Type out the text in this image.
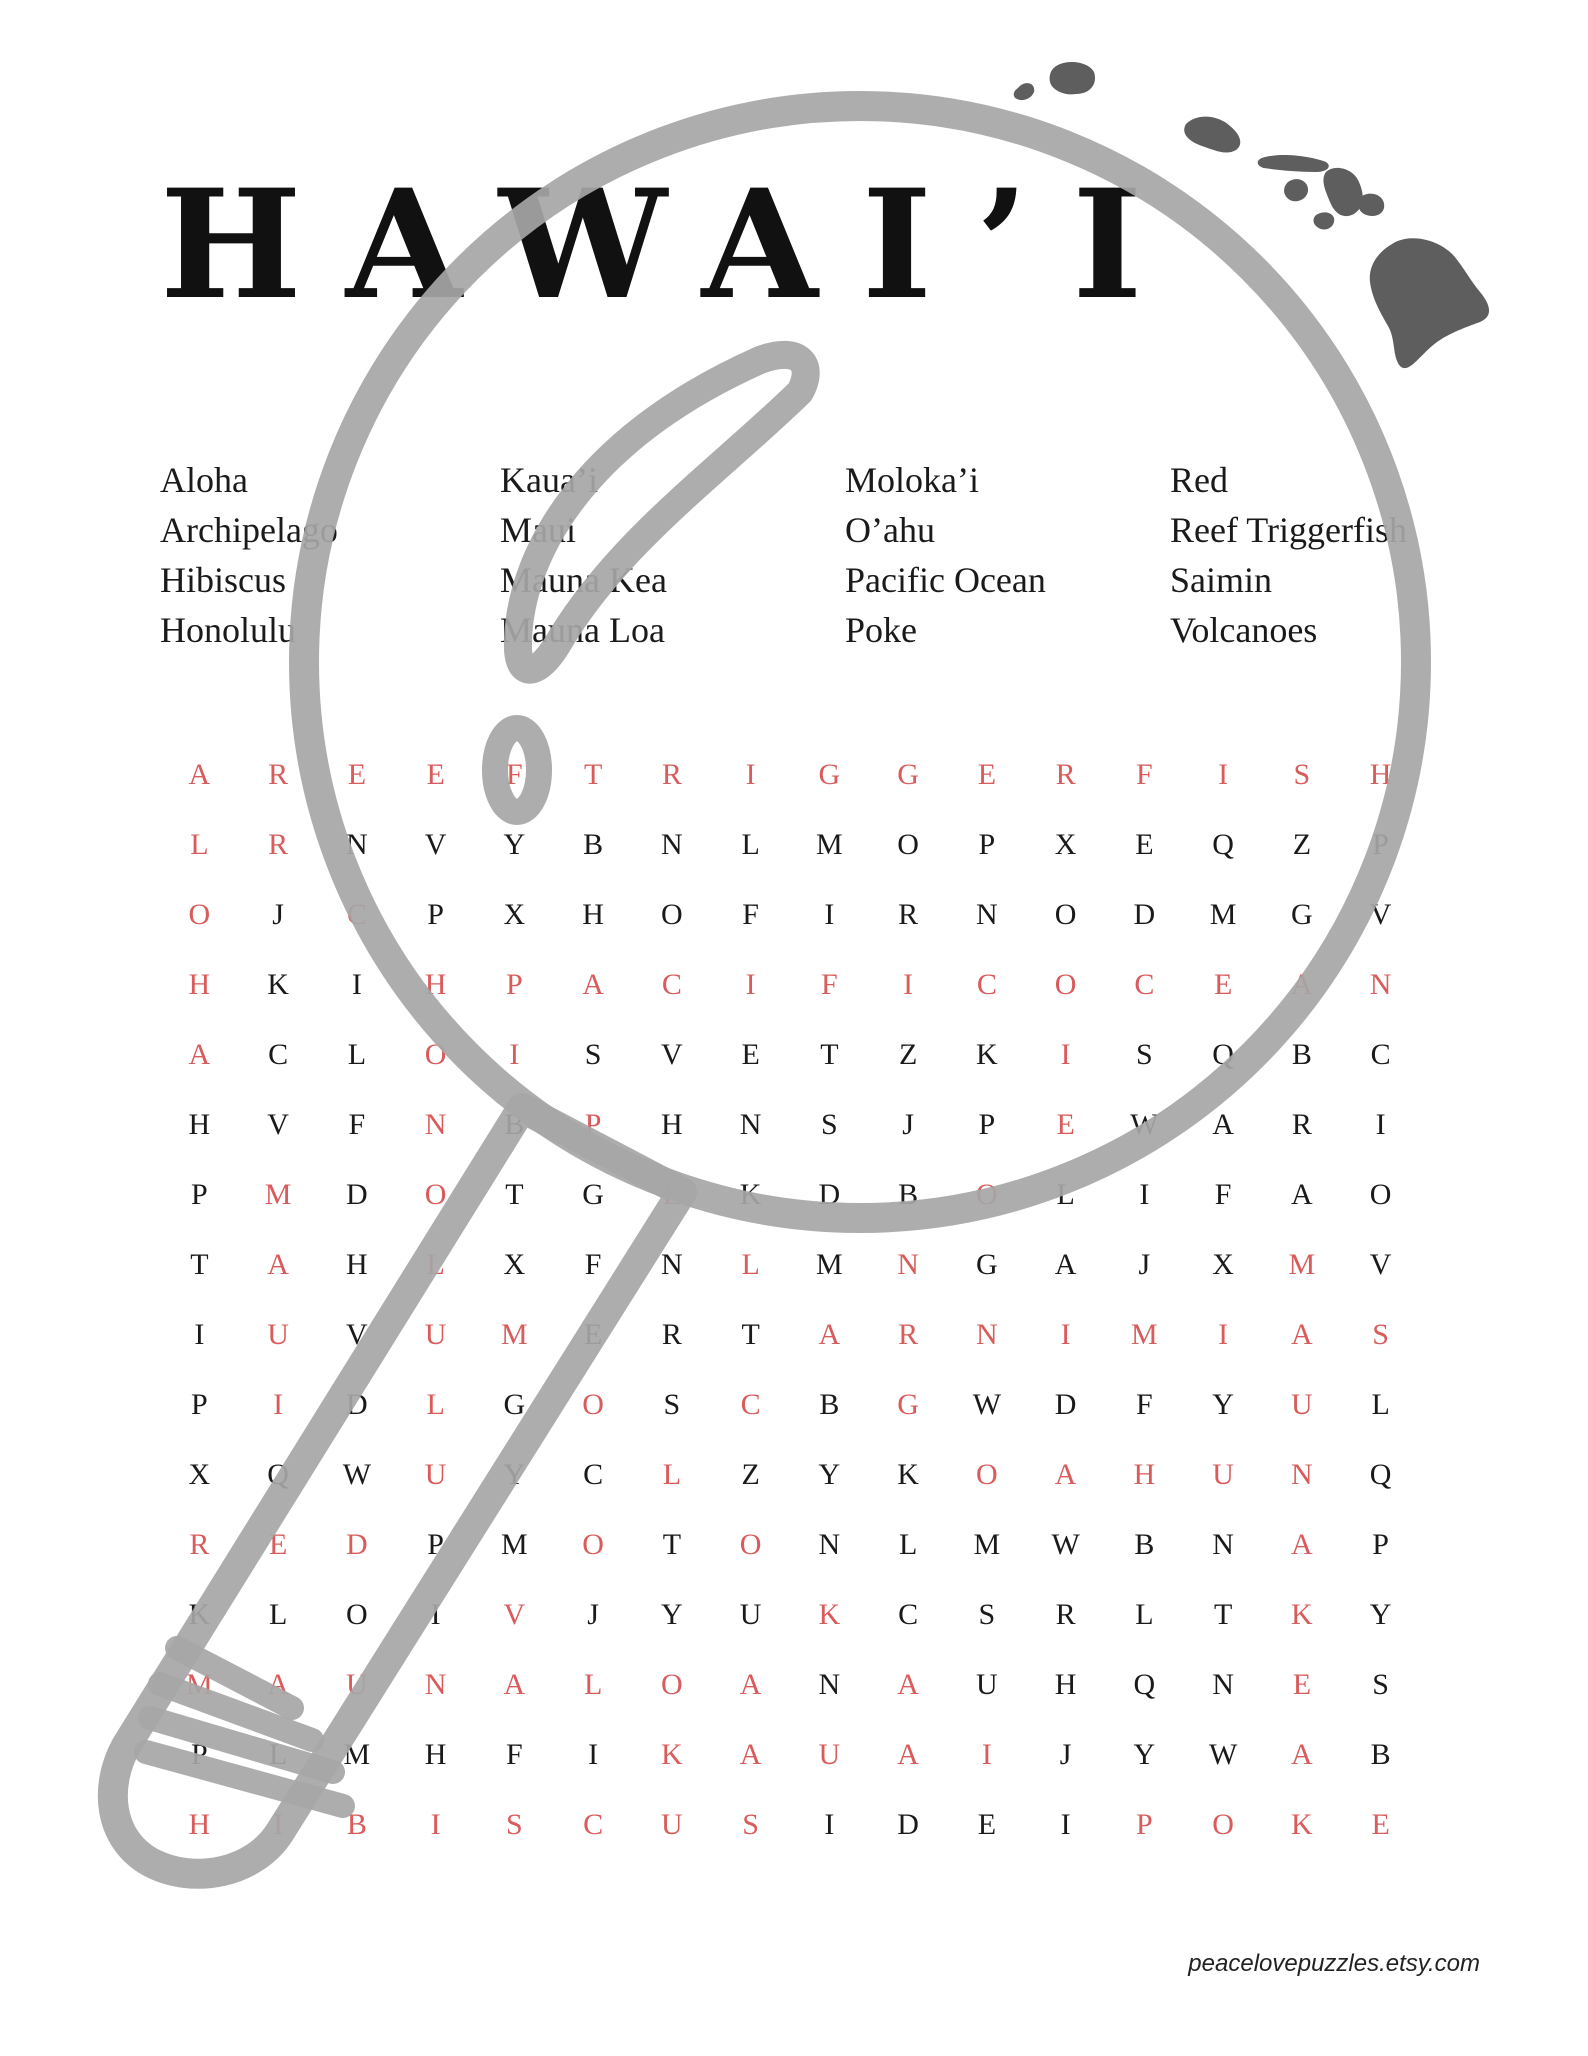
HAWAI’I
Aloha
Archipelago
Hibiscus
Honolulu
Kaua’i
Maui
Mauna Kea
Mauna Loa
Moloka’i
O’ahu
Pacific Ocean
Poke
Red
Reef Triggerfish
Saimin
Volcanoes
A	R	E	E	F	T	R	I	G	G	E	R	F	I	S	H
L	R	N	V	Y	B	N	L	M	O	P	X	E	Q	Z	P
O	J	C	P	X	H	O	F	I	R	N	O	D	M	G	V
H	K	I	H	P	A	C	I	F	I	C	O	C	E	A	N
A	C	L	O	I	S	V	E	T	Z	K	I	S	Q	B	C
H	V	F	N	B	P	H	N	S	J	P	E	W	A	R	I
P	M	D	O	T	G	E	K	D	B	O	L	I	F	A	O
T	A	H	L	X	F	N	L	M	N	G	A	J	X	M	V
I	U	V	U	M	E	R	T	A	R	N	I	M	I	A	S
P	I	D	L	G	O	S	C	B	G	W	D	F	Y	U	L
X	Q	W	U	Y	C	L	Z	Y	K	O	A	H	U	N	Q
R	E	D	P	M	O	T	O	N	L	M	W	B	N	A	P
K	L	O	I	V	J	Y	U	K	C	S	R	L	T	K	Y
M	A	U	N	A	L	O	A	N	A	U	H	Q	N	E	S
P	L	M	H	F	I	K	A	U	A	I	J	Y	W	A	B
H	I	B	I	S	C	U	S	I	D	E	I	P	O	K	E
peacelovepuzzles.etsy.com
